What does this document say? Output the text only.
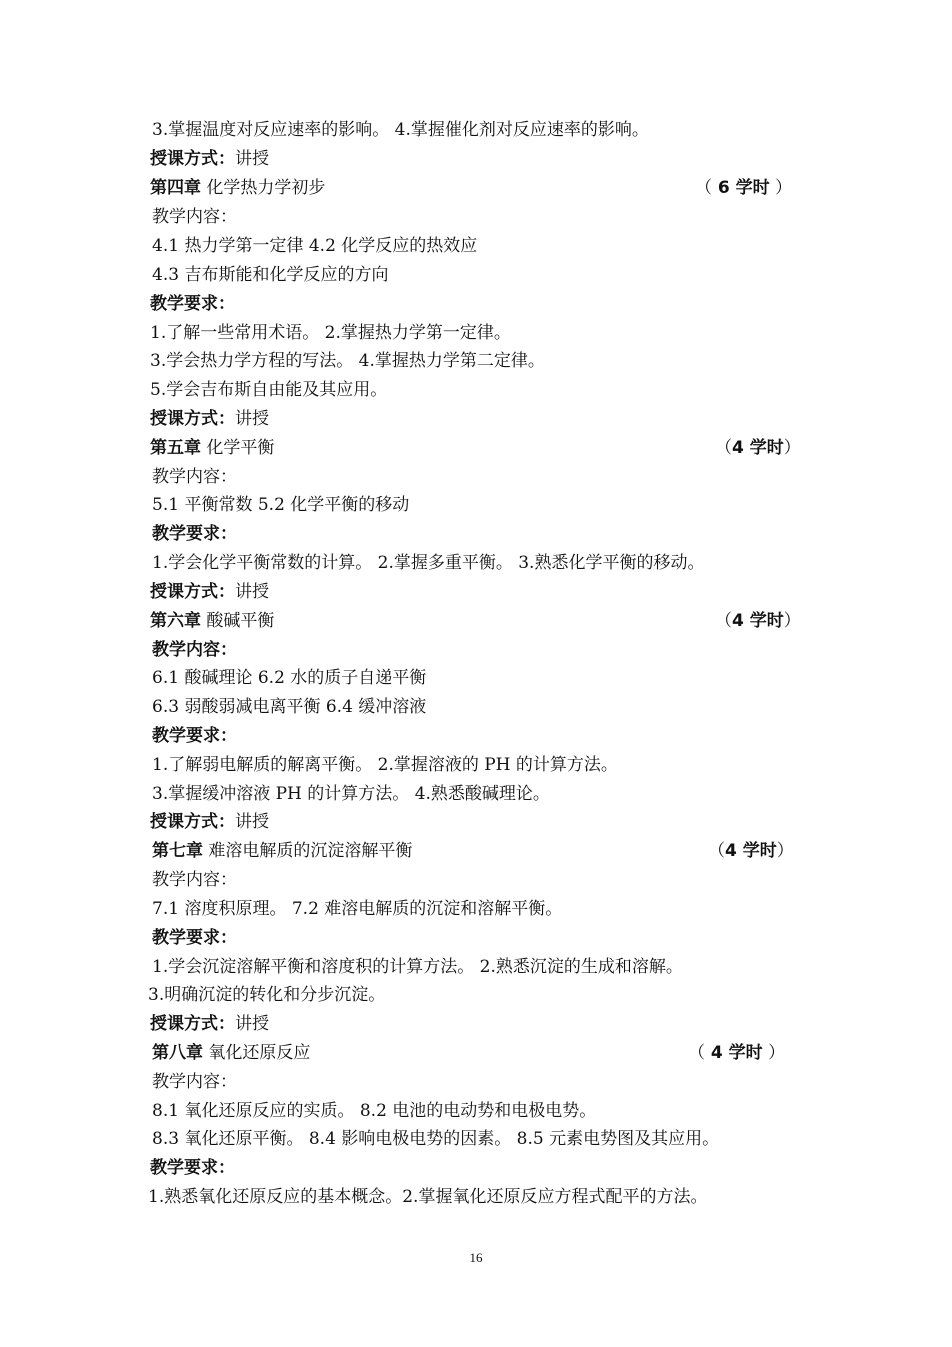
3.掌握温度对反应速率的影响。 4.掌握催化剂对反应速率的影响。
授课方式：讲授
第四章 化学热力学初步	（ 6 学时 ）
教学内容：
4.1 热力学第一定律 4.2 化学反应的热效应
4.3 吉布斯能和化学反应的方向
教学要求：
1.了解一些常用术语。 2.掌握热力学第一定律。
3.学会热力学方程的写法。 4.掌握热力学第二定律。
5.学会吉布斯自由能及其应用。
授课方式：讲授
第五章 化学平衡	（4 学时）
教学内容：
5.1 平衡常数 5.2 化学平衡的移动
教学要求：
1.学会化学平衡常数的计算。 2.掌握多重平衡。 3.熟悉化学平衡的移动。
授课方式：讲授
第六章 酸碱平衡	（4 学时）
教学内容：
6.1 酸碱理论 6.2 水的质子自递平衡
6.3 弱酸弱减电离平衡 6.4 缓冲溶液
教学要求：
1.了解弱电解质的解离平衡。 2.掌握溶液的 PH 的计算方法。
3.掌握缓冲溶液 PH 的计算方法。 4.熟悉酸碱理论。
授课方式：讲授
第七章 难溶电解质的沉淀溶解平衡	（4 学时）
教学内容：
7.1 溶度积原理。 7.2 难溶电解质的沉淀和溶解平衡。
教学要求：
1.学会沉淀溶解平衡和溶度积的计算方法。 2.熟悉沉淀的生成和溶解。
3.明确沉淀的转化和分步沉淀。
授课方式：讲授
第八章 氧化还原反应	（ 4 学时 ）
教学内容：
8.1 氧化还原反应的实质。 8.2 电池的电动势和电极电势。
8.3 氧化还原平衡。 8.4 影响电极电势的因素。 8.5 元素电势图及其应用。
教学要求：
1.熟悉氧化还原反应的基本概念。2.掌握氧化还原反应方程式配平的方法。
16
